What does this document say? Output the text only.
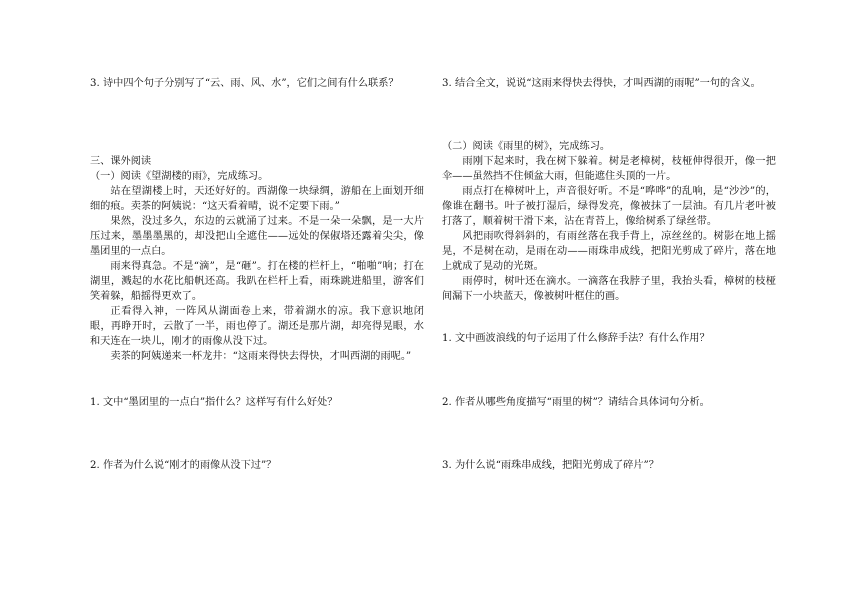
3. 诗中四个句子分别写了“云、雨、风、水”，它们之间有什么联系？
三、课外阅读
（一）阅读《望湖楼的雨》，完成练习。

站在望湖楼上时，天还好好的。西湖像一块绿绸，游船在上面划开细细的痕。卖茶的阿姨说：“这天看着晴，说不定要下雨。”

果然，没过多久，东边的云就涌了过来。不是一朵一朵飘，是一大片压过来，墨墨墨黑的，却没把山全遮住——远处的保俶塔还露着尖尖，像墨团里的一点白。

雨来得真急。不是“滴”，是“砸”。打在楼的栏杆上，“啪啪”响；打在湖里，溅起的水花比船帆还高。我趴在栏杆上看，雨珠跳进船里，游客们笑着躲，船摇得更欢了。

正看得入神，一阵风从湖面卷上来，带着湖水的凉。我下意识地闭眼，再睁开时，云散了一半，雨也停了。湖还是那片湖，却亮得晃眼，水和天连在一块儿，刚才的雨像从没下过。

卖茶的阿姨递来一杯龙井：“这雨来得快去得快，才叫西湖的雨呢。”

1. 文中“墨团里的一点白”指什么？这样写有什么好处？
2. 作者为什么说“刚才的雨像从没下过”？
3. 结合全文，说说“这雨来得快去得快，才叫西湖的雨呢”一句的含义。
（二）阅读《雨里的树》，完成练习。

雨刚下起来时，我在树下躲着。树是老樟树，枝桠伸得很开，像一把伞——虽然挡不住倾盆大雨，但能遮住头顶的一片。

雨点打在樟树叶上，声音很好听。不是“哗哗”的乱响，是“沙沙”的，像谁在翻书。叶子被打湿后，绿得发亮，像被抹了一层油。有几片老叶被打落了，顺着树干滑下来，沾在青苔上，像给树系了绿丝带。

风把雨吹得斜斜的，有雨丝落在我手背上，凉丝丝的。树影在地上摇晃，不是树在动，是雨在动——雨珠串成线，把阳光剪成了碎片，落在地上就成了晃动的光斑。

雨停时，树叶还在滴水。一滴落在我脖子里，我抬头看，樟树的枝桠间漏下一小块蓝天，像被树叶框住的画。

1. 文中画波浪线的句子运用了什么修辞手法？有什么作用？
2. 作者从哪些角度描写“雨里的树”？请结合具体词句分析。
3. 为什么说“雨珠串成线，把阳光剪成了碎片”？
